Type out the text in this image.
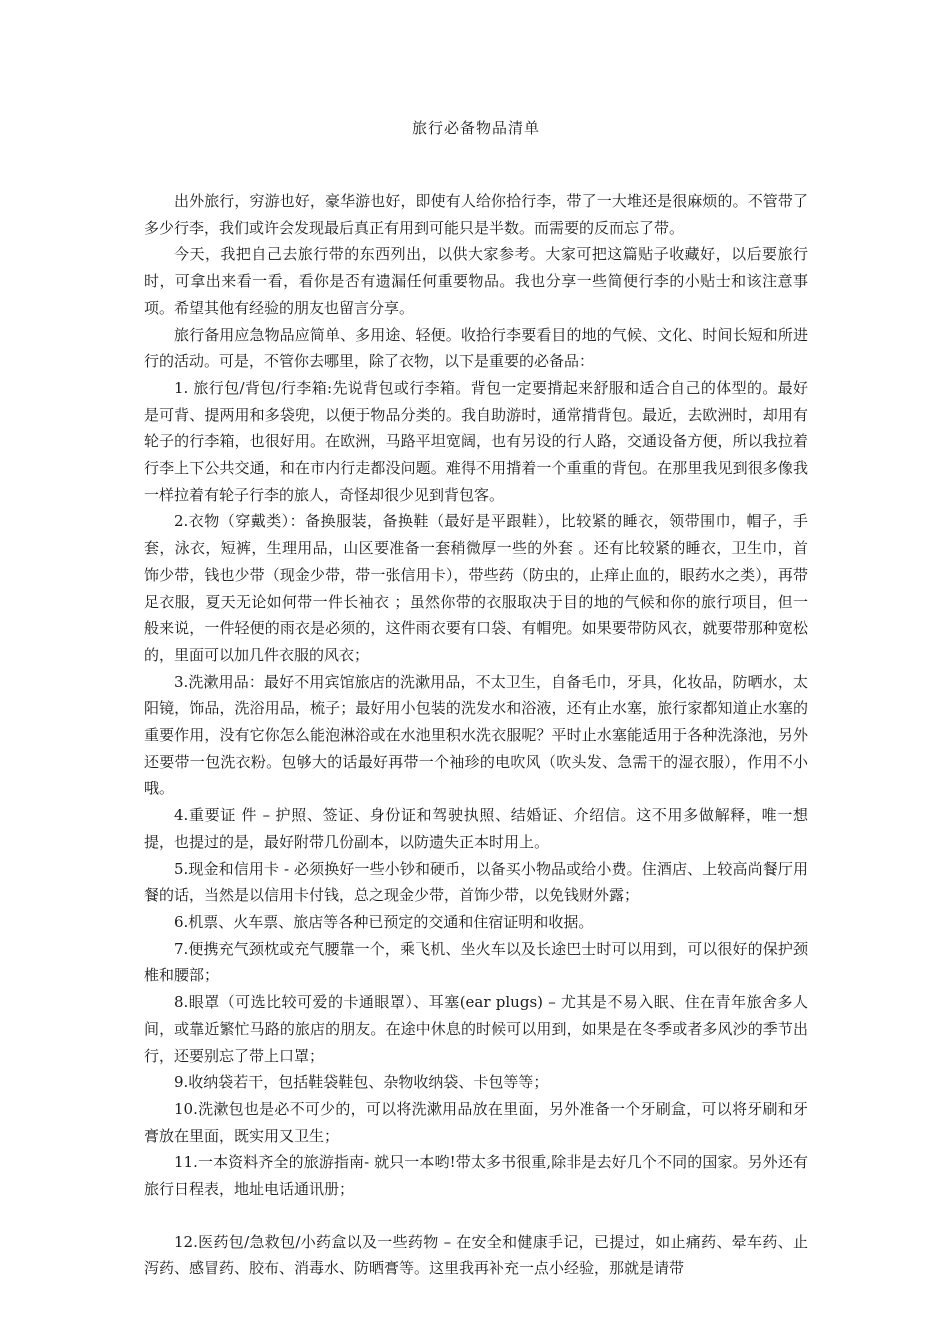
旅行必备物品清单

出外旅行，穷游也好，豪华游也好，即使有人给你拾行李，带了一大堆还是很麻烦的。不管带了多少行李，我们或许会发现最后真正有用到可能只是半数。而需要的反而忘了带。

今天，我把自己去旅行带的东西列出，以供大家参考。大家可把这篇贴子收藏好，以后要旅行时，可拿出来看一看，看你是否有遗漏任何重要物品。我也分享一些简便行李的小贴士和该注意事项。希望其他有经验的朋友也留言分享。

旅行备用应急物品应简单、多用途、轻便。收拾行李要看目的地的气候、文化、时间长短和所进行的活动。可是，不管你去哪里，除了衣物，以下是重要的必备品：

1. 旅行包/背包/行李箱:先说背包或行李箱。背包一定要揹起来舒服和适合自己的体型的。最好是可背、提两用和多袋兜，以便于物品分类的。我自助游时，通常揹背包。最近，去欧洲时，却用有轮子的行李箱，也很好用。在欧洲，马路平坦宽阔，也有另设的行人路，交通设备方便，所以我拉着行李上下公共交通，和在市内行走都没问题。难得不用揹着一个重重的背包。在那里我见到很多像我一样拉着有轮子行李的旅人，奇怪却很少见到背包客。

2.衣物（穿戴类）：备换服装，备换鞋（最好是平跟鞋），比较紧的睡衣，领带围巾，帽子，手套，泳衣，短裤，生理用品，山区要准备一套稍微厚一些的外套 。还有比较紧的睡衣，卫生巾，首饰少带，钱也少带（现金少带，带一张信用卡），带些药（防虫的，止痒止血的，眼药水之类），再带足衣服，夏天无论如何带一件长袖衣 ；虽然你带的衣服取决于目的地的气候和你的旅行项目，但一般来说，一件轻便的雨衣是必须的，这件雨衣要有口袋、有帽兜。如果要带防风衣，就要带那种宽松的，里面可以加几件衣服的风衣；

3.洗漱用品：最好不用宾馆旅店的洗漱用品，不太卫生，自备毛巾，牙具，化妆品，防晒水，太阳镜，饰品，洗浴用品，梳子；最好用小包装的洗发水和浴液，还有止水塞，旅行家都知道止水塞的重要作用，没有它你怎么能泡淋浴或在水池里积水洗衣服呢？平时止水塞能适用于各种洗涤池，另外还要带一包洗衣粉。包够大的话最好再带一个袖珍的电吹风（吹头发、急需干的湿衣服），作用不小哦。

4.重要证 件 – 护照、签证、身份证和驾驶执照、结婚证、介绍信。这不用多做解释，唯一想提，也提过的是，最好附带几份副本，以防遗失正本时用上。

5.现金和信用卡 - 必须换好一些小钞和硬币，以备买小物品或给小费。住酒店、上较高尚餐厅用餐的话，当然是以信用卡付钱，总之现金少带，首饰少带，以免钱财外露；

6.机票、火车票、旅店等各种已预定的交通和住宿证明和收据。

7.便携充气颈枕或充气腰靠一个，乘飞机、坐火车以及长途巴士时可以用到，可以很好的保护颈椎和腰部；

8.眼罩（可选比较可爱的卡通眼罩）、耳塞(ear plugs) – 尤其是不易入眠、住在青年旅舍多人间，或靠近繁忙马路的旅店的朋友。在途中休息的时候可以用到，如果是在冬季或者多风沙的季节出行，还要别忘了带上口罩；

9.收纳袋若干，包括鞋袋鞋包、杂物收纳袋、卡包等等；

10.洗漱包也是必不可少的，可以将洗漱用品放在里面，另外准备一个牙刷盒，可以将牙刷和牙膏放在里面，既实用又卫生；

11.一本资料齐全的旅游指南- 就只一本哟!带太多书很重,除非是去好几个不同的国家。另外还有旅行日程表，地址电话通讯册；

12.医药包/急救包/小药盒以及一些药物 – 在安全和健康手记，已提过，如止痛药、晕车药、止泻药、感冒药、胶布、消毒水、防晒膏等。这里我再补充一点小经验，那就是请带
